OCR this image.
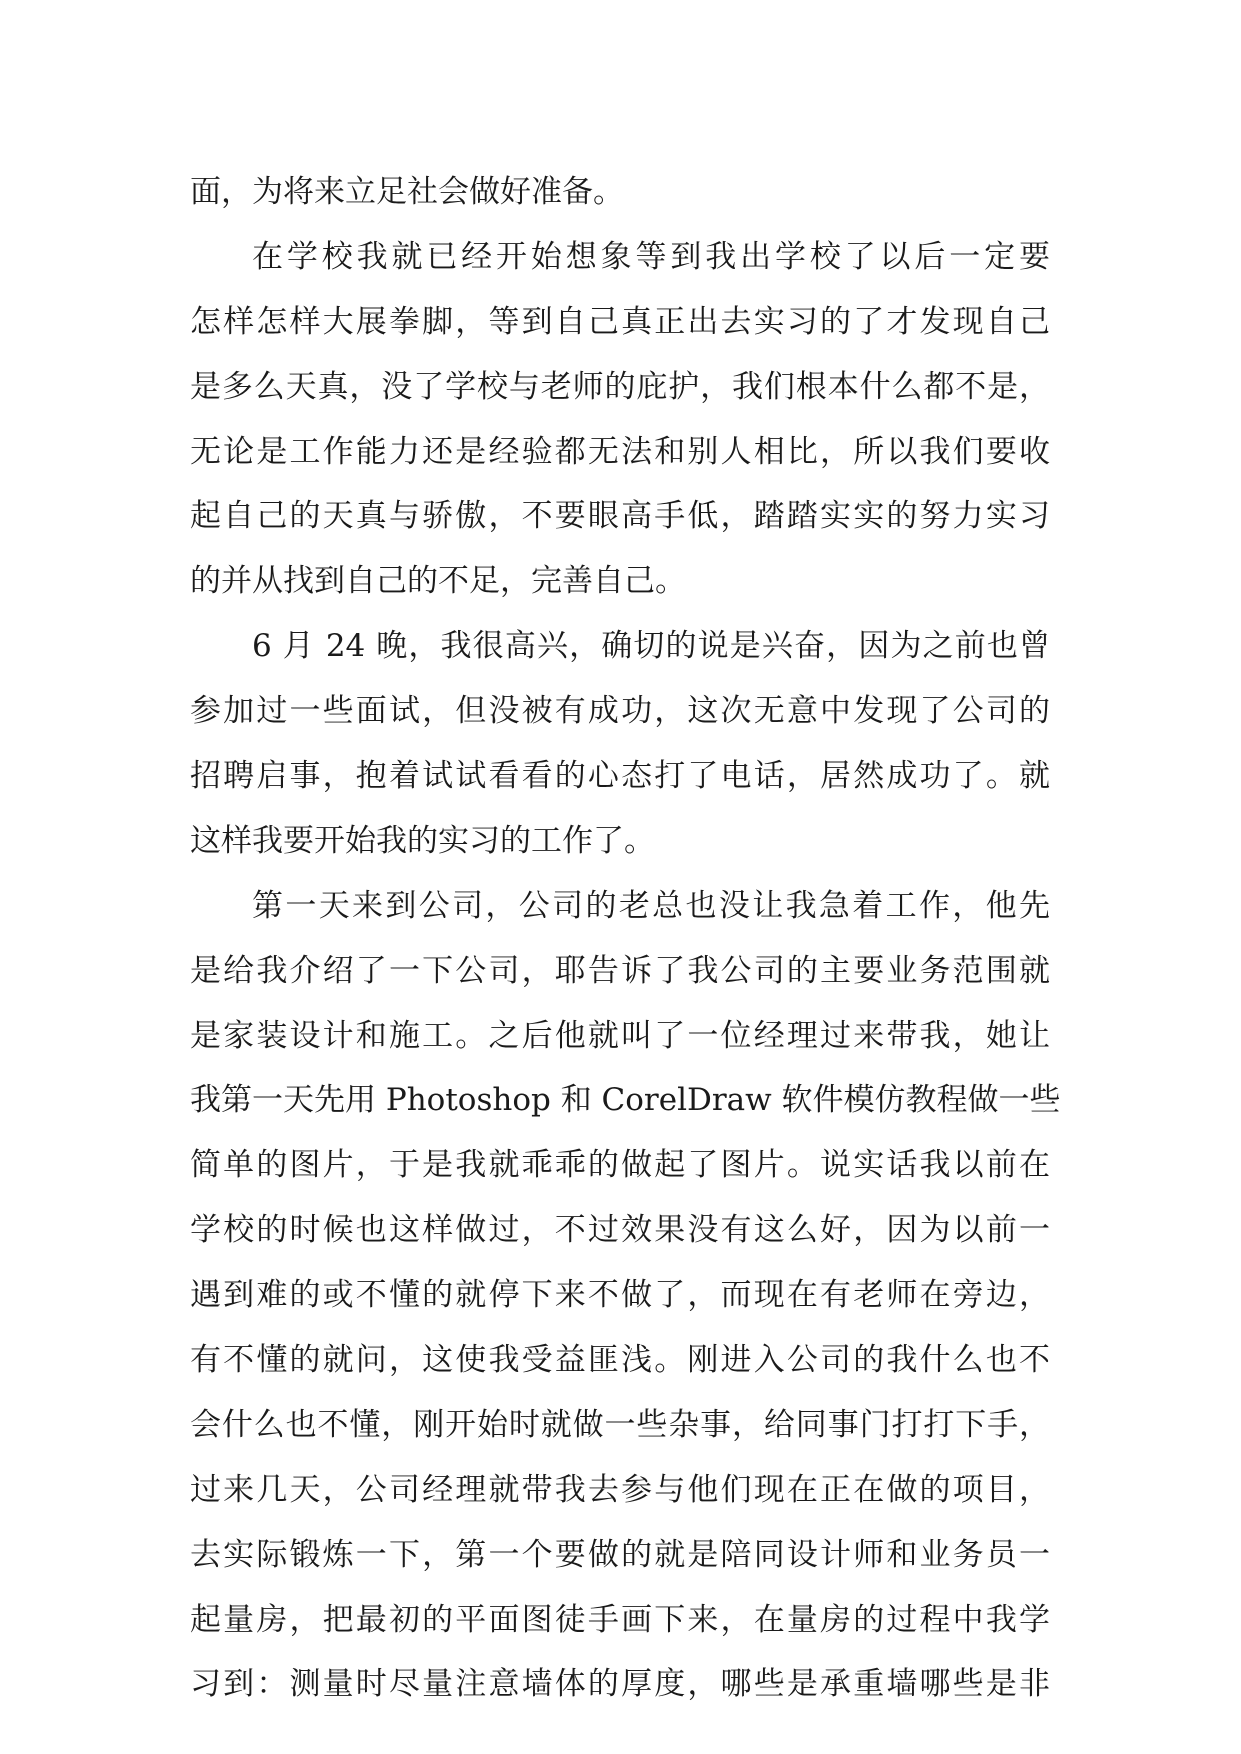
面，为将来立足社会做好准备。
在学校我就已经开始想象等到我出学校了以后一定要
怎样怎样大展拳脚，等到自己真正出去实习的了才发现自己
是多么天真，没了学校与老师的庇护，我们根本什么都不是，
无论是工作能力还是经验都无法和别人相比，所以我们要收
起自己的天真与骄傲，不要眼高手低，踏踏实实的努力实习
的并从找到自己的不足，完善自己。
6 月 24 晚，我很高兴，确切的说是兴奋，因为之前也曾
参加过一些面试，但没被有成功，这次无意中发现了公司的
招聘启事，抱着试试看看的心态打了电话，居然成功了。就
这样我要开始我的实习的工作了。
第一天来到公司，公司的老总也没让我急着工作，他先
是给我介绍了一下公司，耶告诉了我公司的主要业务范围就
是家装设计和施工。之后他就叫了一位经理过来带我，她让
我第一天先用 Photoshop 和 CorelDraw 软件模仿教程做一些
简单的图片，于是我就乖乖的做起了图片。说实话我以前在
学校的时候也这样做过，不过效果没有这么好，因为以前一
遇到难的或不懂的就停下来不做了，而现在有老师在旁边，
有不懂的就问，这使我受益匪浅。刚进入公司的我什么也不
会什么也不懂，刚开始时就做一些杂事，给同事门打打下手，
过来几天，公司经理就带我去参与他们现在正在做的项目，
去实际锻炼一下，第一个要做的就是陪同设计师和业务员一
起量房，把最初的平面图徒手画下来，在量房的过程中我学
习到：测量时尽量注意墙体的厚度，哪些是承重墙哪些是非
